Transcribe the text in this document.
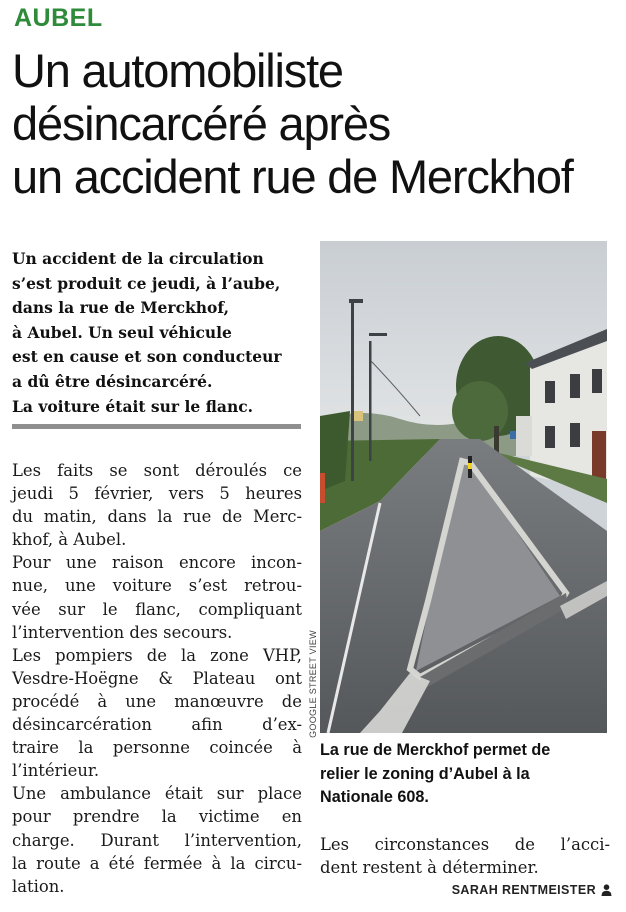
AUBEL
Un automobiliste
désincarcéré après
un accident rue de Merckhof

Un accident de la circulation
s’est produit ce jeudi, à l’aube,
dans la rue de Merckhof,
à Aubel. Un seul véhicule
est en cause et son conducteur
a dû être désincarcéré.
La voiture était sur le flanc.

Les faits se sont déroulés ce
jeudi 5 février, vers 5 heures
du matin, dans la rue de Merc-
khof, à Aubel.
Pour une raison encore incon-
nue, une voiture s’est retrou-
vée sur le flanc, compliquant
l’intervention des secours.
Les pompiers de la zone VHP,
Vesdre-Hoëgne & Plateau ont
procédé à une manœuvre de
désincarcération afin d’ex-
traire la personne coincée à
l’intérieur.
Une ambulance était sur place
pour prendre la victime en
charge. Durant l’intervention,
la route a été fermée à la circu-
lation.

GOOGLE STREET VIEW

La rue de Merckhof permet de
relier le zoning d’Aubel à la
Nationale 608.

Les circonstances de l’acci-
dent restent à déterminer.

SARAH RENTMEISTER
